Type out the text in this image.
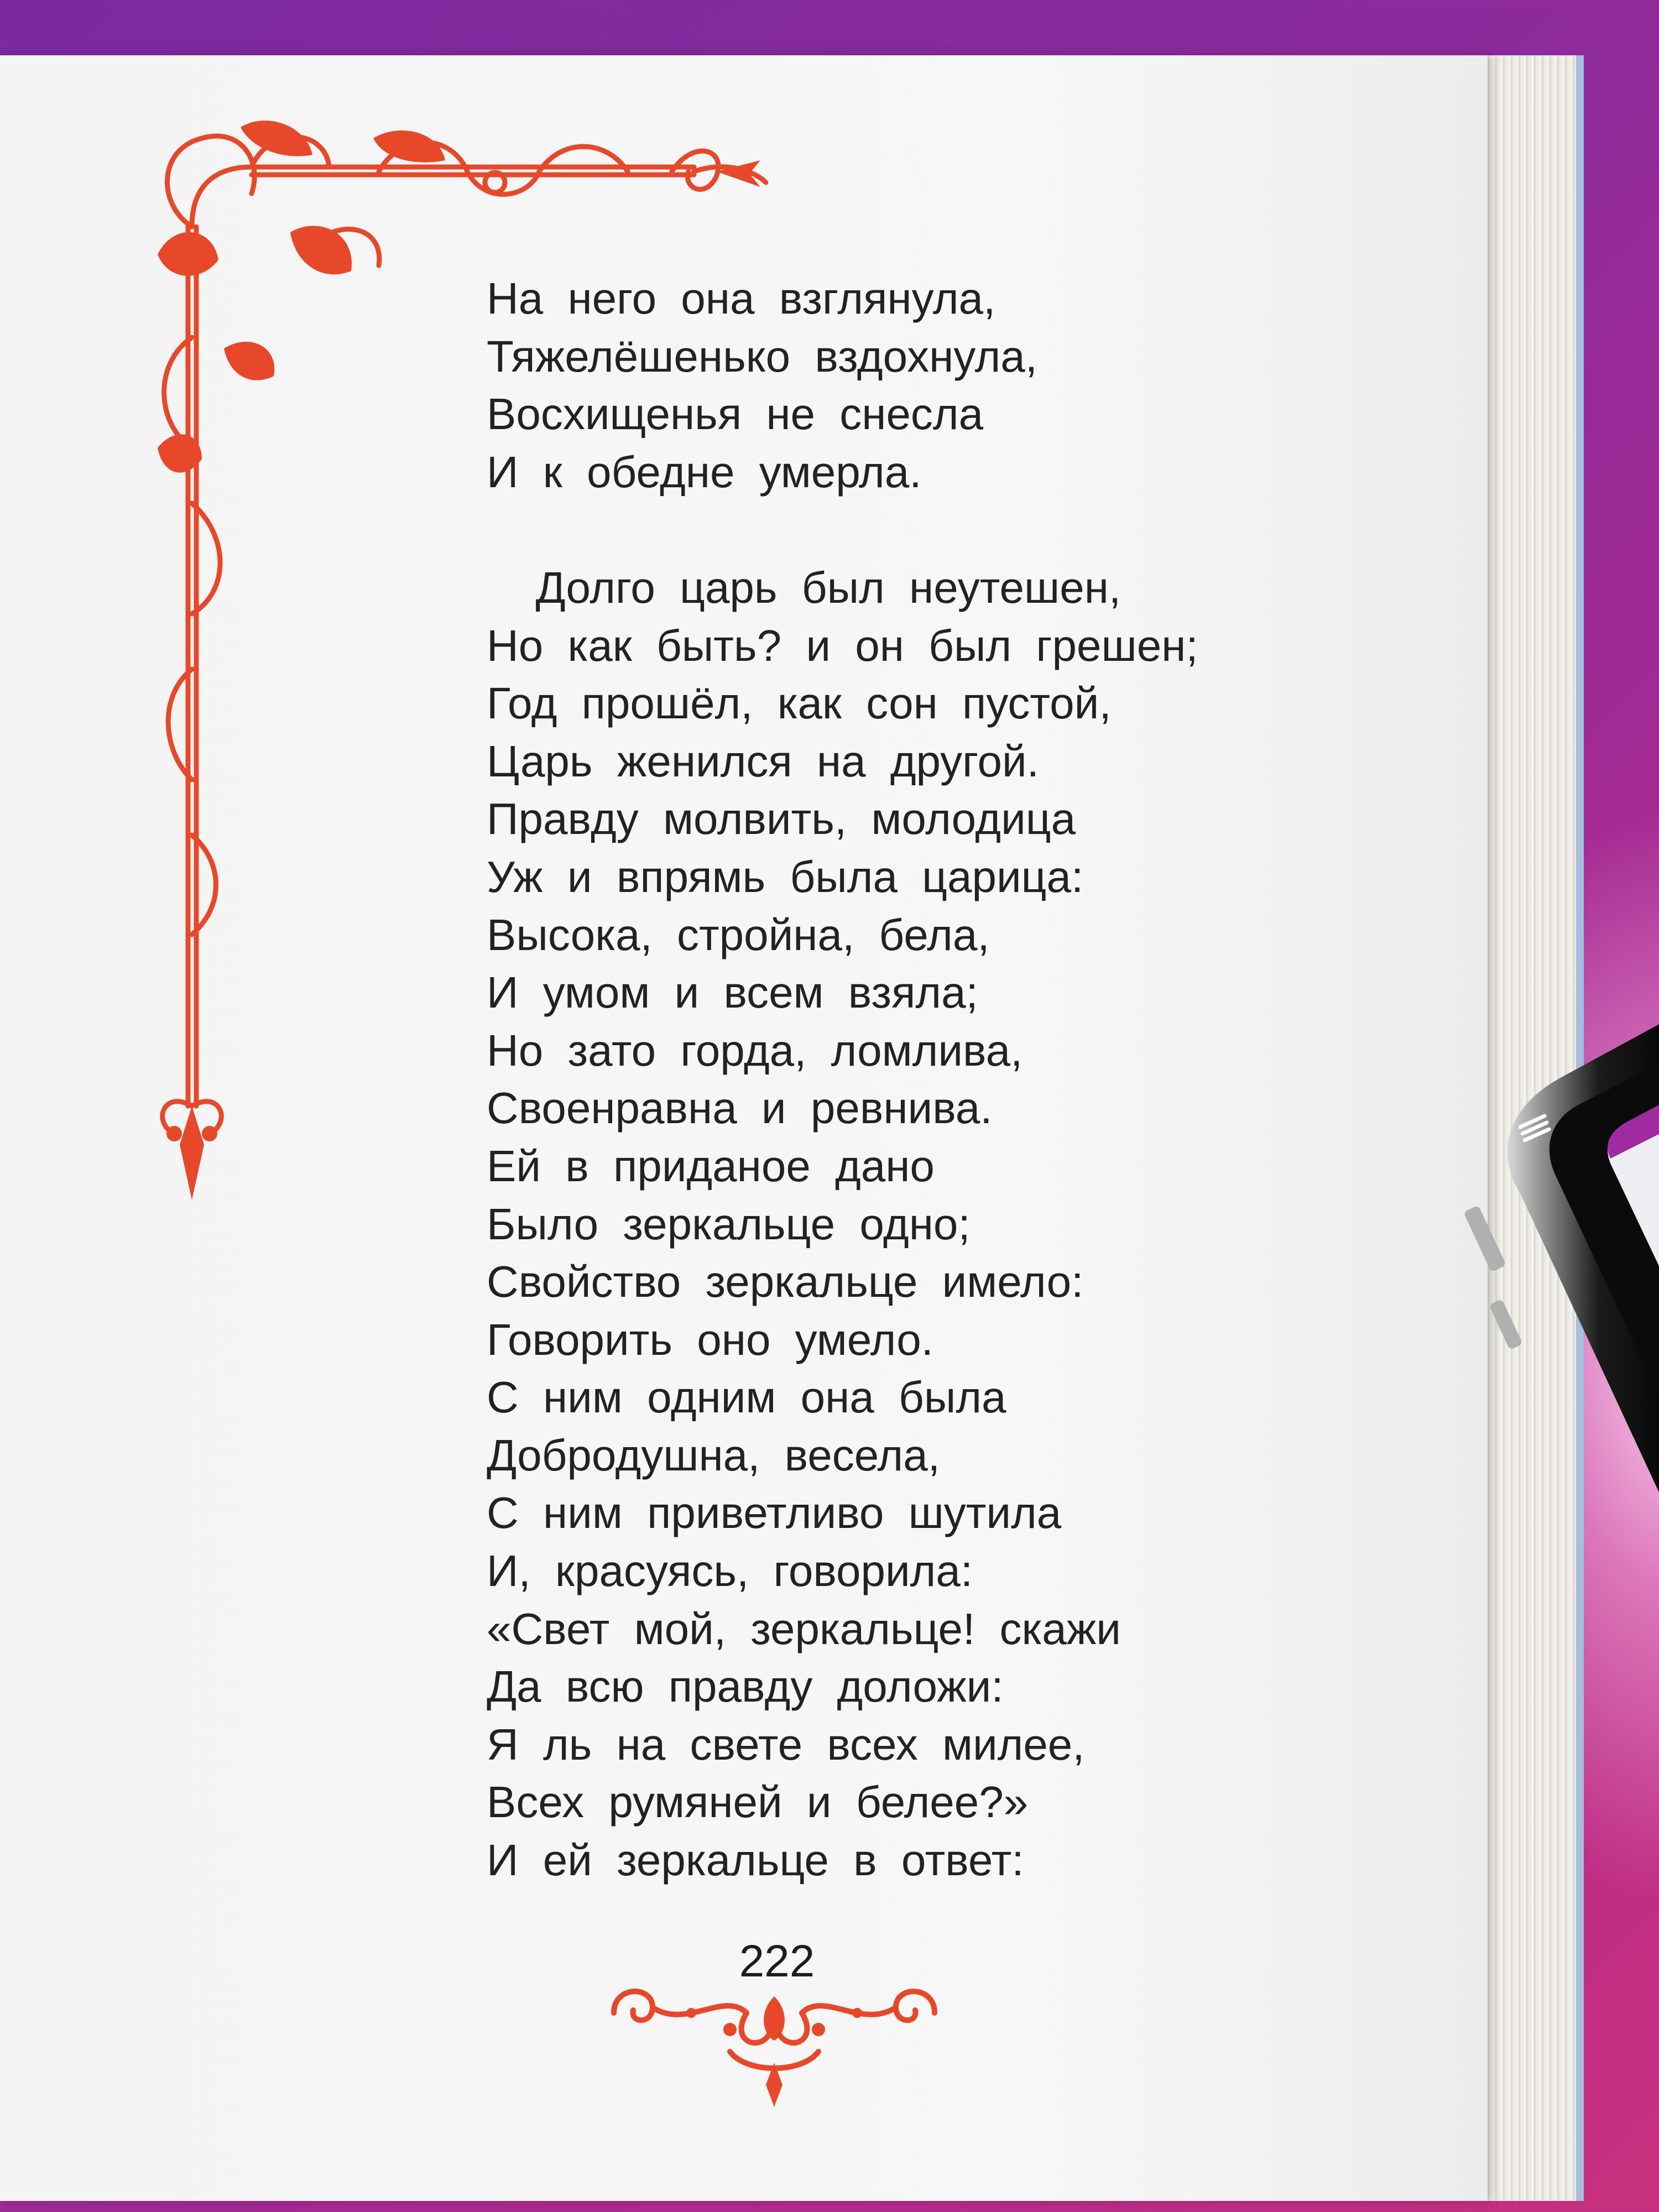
На него она взглянула,
Тяжелёшенько вздохнула,
Восхищенья не снесла
И к обедне умерла.
Долго царь был неутешен,
Но как быть? и он был грешен;
Год прошёл, как сон пустой,
Царь женился на другой.
Правду молвить, молодица
Уж и впрямь была царица:
Высока, стройна, бела,
И умом и всем взяла;
Но зато горда, ломлива,
Своенравна и ревнива.
Ей в приданое дано
Было зеркальце одно;
Свойство зеркальце имело:
Говорить оно умело.
С ним одним она была
Добродушна, весела,
С ним приветливо шутила
И, красуясь, говорила:
«Свет мой, зеркальце! скажи
Да всю правду доложи:
Я ль на свете всех милее,
Всех румяней и белее?»
И ей зеркальце в ответ:
222
